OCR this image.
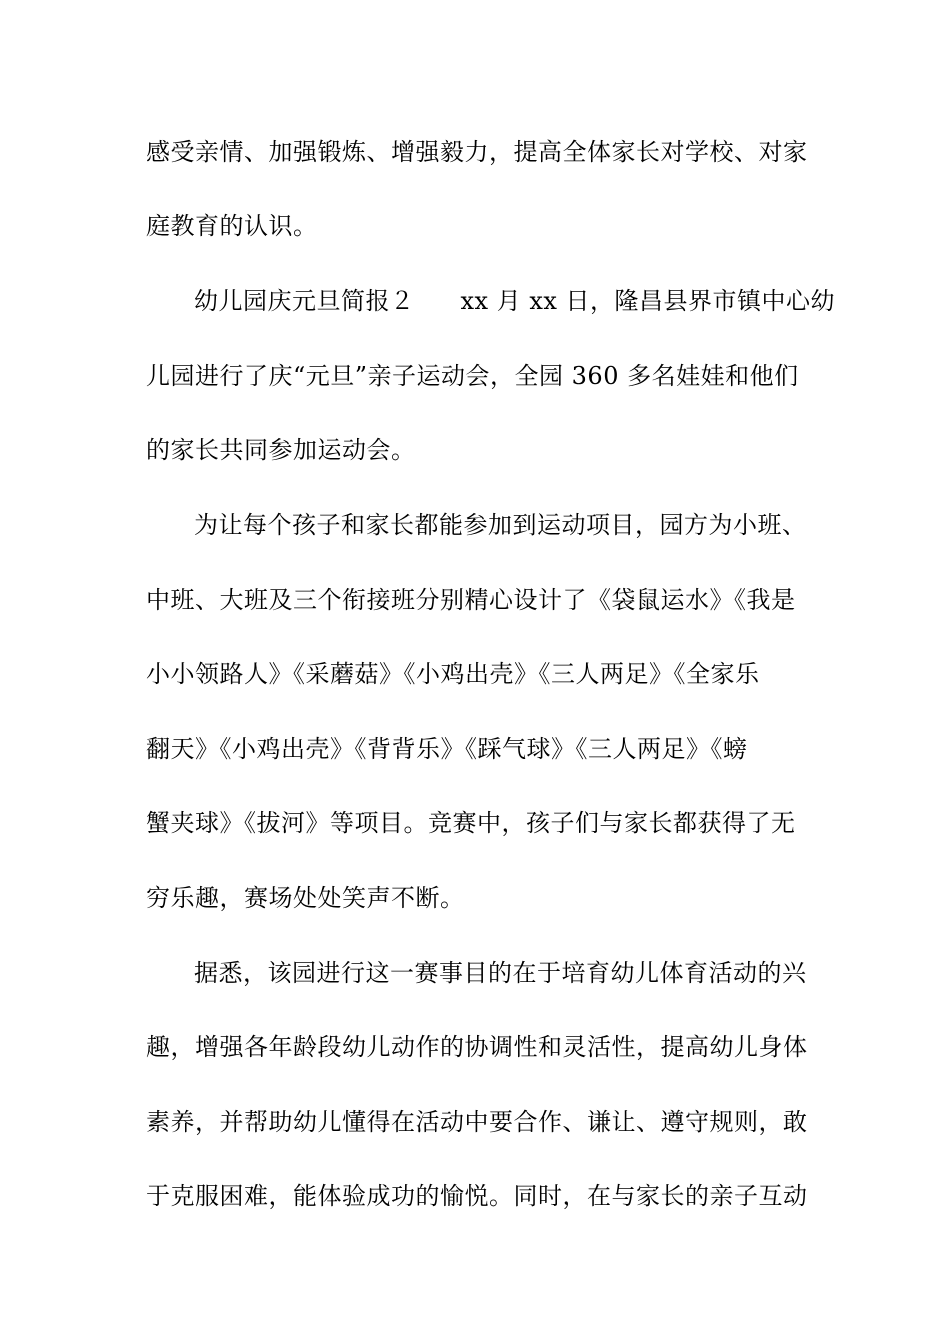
感受亲情、加强锻炼、增强毅力，提高全体家长对学校、对家
庭教育的认识。
幼儿园庆元旦简报２ xx 月 xx 日，隆昌县界市镇中心幼
儿园进行了庆“元旦”亲子运动会，全园 360 多名娃娃和他们
的家长共同参加运动会。
为让每个孩子和家长都能参加到运动项目，园方为小班、
中班、大班及三个衔接班分别精心设计了《袋鼠运水》《我是
小小领路人》《采蘑菇》《小鸡出壳》《三人两足》《全家乐
翻天》《小鸡出壳》《背背乐》《踩气球》《三人两足》《螃
蟹夹球》《拔河》等项目。竞赛中，孩子们与家长都获得了无
穷乐趣，赛场处处笑声不断。
据悉，该园进行这一赛事目的在于培育幼儿体育活动的兴
趣，增强各年龄段幼儿动作的协调性和灵活性，提高幼儿身体
素养，并帮助幼儿懂得在活动中要合作、谦让、遵守规则，敢
于克服困难，能体验成功的愉悦。同时，在与家长的亲子互动
